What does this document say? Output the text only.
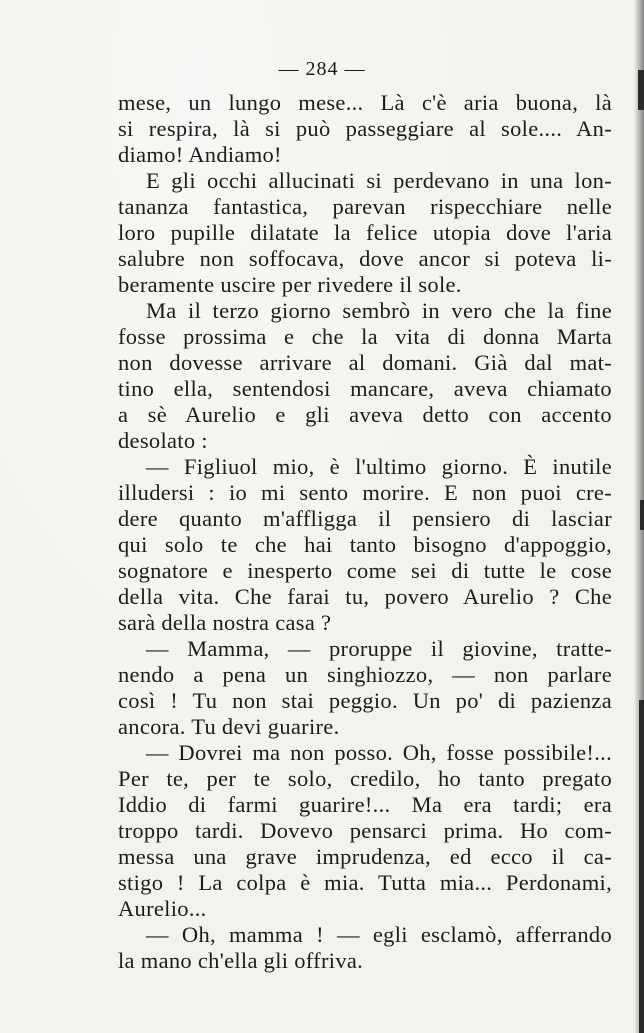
— 284 —
mese, un lungo mese... Là c'è aria buona, là
si respira, là si può passeggiare al sole.... An-
diamo! Andiamo!
E gli occhi allucinati si perdevano in una lon-
tananza fantastica, parevan rispecchiare nelle
loro pupille dilatate la felice utopia dove l'aria
salubre non soffocava, dove ancor si poteva li-
beramente uscire per rivedere il sole.
Ma il terzo giorno sembrò in vero che la fine
fosse prossima e che la vita di donna Marta
non dovesse arrivare al domani. Già dal mat-
tino ella, sentendosi mancare, aveva chiamato
a sè Aurelio e gli aveva detto con accento
desolato :
— Figliuol mio, è l'ultimo giorno. È inutile
illudersi : io mi sento morire. E non puoi cre-
dere quanto m'affligga il pensiero di lasciar
qui solo te che hai tanto bisogno d'appoggio,
sognatore e inesperto come sei di tutte le cose
della vita. Che farai tu, povero Aurelio ? Che
sarà della nostra casa ?
— Mamma, — proruppe il giovine, tratte-
nendo a pena un singhiozzo, — non parlare
così ! Tu non stai peggio. Un po' di pazienza
ancora. Tu devi guarire.
— Dovrei ma non posso. Oh, fosse possibile!...
Per te, per te solo, credilo, ho tanto pregato
Iddio di farmi guarire!... Ma era tardi; era
troppo tardi. Dovevo pensarci prima. Ho com-
messa una grave imprudenza, ed ecco il ca-
stigo ! La colpa è mia. Tutta mia... Perdonami,
Aurelio...
— Oh, mamma ! — egli esclamò, afferrando
la mano ch'ella gli offriva.
